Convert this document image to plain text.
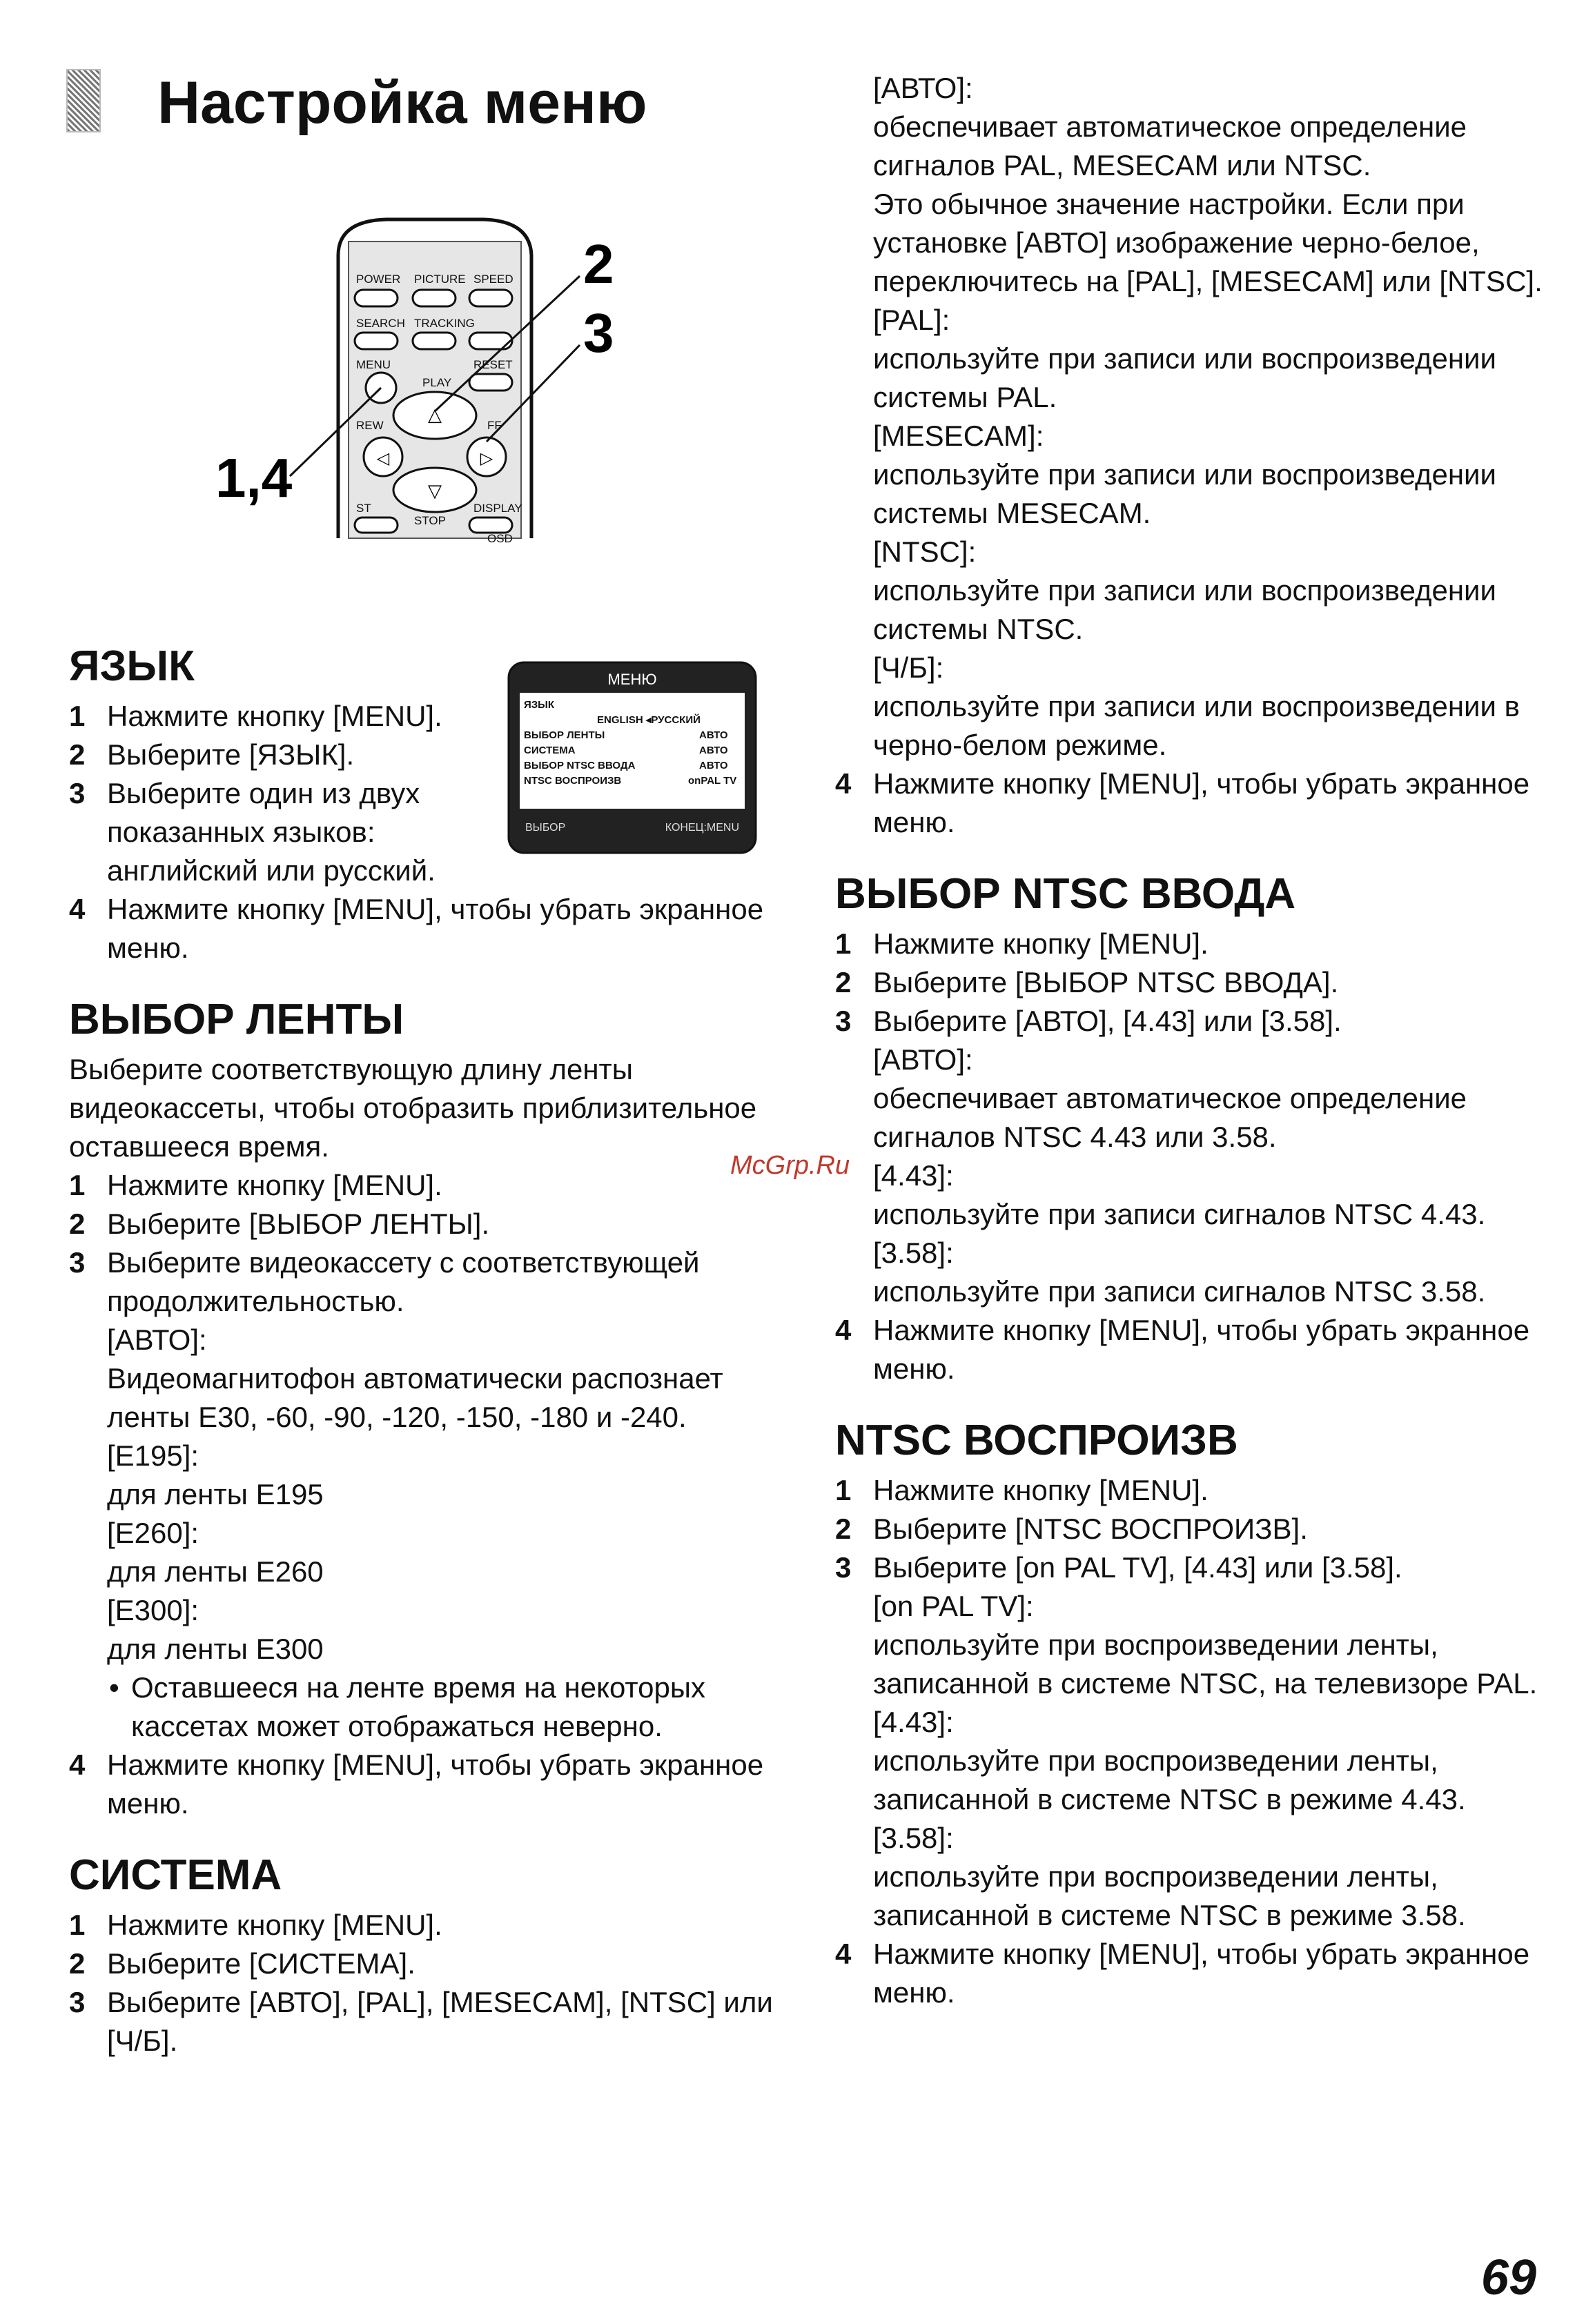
Настройка меню
△
▽
◁	▷
POWER PICTURE SPEED
SEARCH TRACKING
MENU	RESET
PLAY
REW	FF
ST	DISPLAY
STOP
OSD
2
3
1,4
МЕНЮ
ЯЗЫК
ENGLISH ◂РУССКИЙ
ВЫБОР ЛЕНТЫ	АВТО
СИСТЕМА	АВТО
ВЫБОР NTSC ВВОДА	АВТО
NTSC ВОСПРОИЗВ	onPAL TV
ВЫБОР	КОНЕЦ:MENU
ЯЗЫК
1 Нажмите кнопку [MENU].
2 Выберите [ЯЗЫК].
3 Выберите один из двух показанных языков: английский или русский.
4 Нажмите кнопку [MENU], чтобы убрать экранное меню.
ВЫБОР ЛЕНТЫ

Выберите соответствующую длину ленты видеокассеты, чтобы отобразить приблизительное оставшееся время.

1 Нажмите кнопку [MENU].
2 Выберите [ВЫБОР ЛЕНТЫ].
3 Выберите видеокассету с соответствующей продолжительностью.
[АВТО]:
Видеомагнитофон автоматически распознает ленты Е30, -60, -90, -120, -150, -180 и -240.
[Е195]:
для ленты Е195
[Е260]:
для ленты Е260
[Е300]:
для ленты Е300
• Оставшееся на ленте время на некоторых кассетах может отображаться неверно.
4 Нажмите кнопку [MENU], чтобы убрать экранное меню.
СИСТЕМА
1 Нажмите кнопку [MENU].
2 Выберите [СИСТЕМА].
3 Выберите [АВТО], [PAL], [MESECAM], [NTSC] или [Ч/Б].
[АВТО]:
обеспечивает автоматическое определение сигналов PAL, MESECAM или NTSC.
Это обычное значение настройки. Если при установке [АВТО] изображение черно-белое, переключитесь на [PAL], [MESECAM] или [NTSC].
[PAL]:
используйте при записи или воспроизведении системы PAL.
[MESECAM]:
используйте при записи или воспроизведении системы MESECAM.
[NTSC]:
используйте при записи или воспроизведении системы NTSC.
[Ч/Б]:
используйте при записи или воспроизведении в черно-белом режиме.
4 Нажмите кнопку [MENU], чтобы убрать экранное меню.
ВЫБОР NTSC ВВОДА
1 Нажмите кнопку [MENU].
2 Выберите [ВЫБОР NTSC ВВОДА].
3 Выберите [АВТО], [4.43] или [3.58].
[АВТО]:
обеспечивает автоматическое определение сигналов NTSC 4.43 или 3.58.
[4.43]:
используйте при записи сигналов NTSC 4.43.
[3.58]:
используйте при записи сигналов NTSC 3.58.
4 Нажмите кнопку [MENU], чтобы убрать экранное меню.
NTSC ВОСПРОИЗВ
1 Нажмите кнопку [MENU].
2 Выберите [NTSC ВОСПРОИЗВ].
3 Выберите [on PAL TV], [4.43] или [3.58].
[on PAL TV]:
используйте при воспроизведении ленты, записанной в системе NTSC, на телевизоре PAL.
[4.43]:
используйте при воспроизведении ленты, записанной в системе NTSC в режиме 4.43.
[3.58]:
используйте при воспроизведении ленты, записанной в системе NTSC в режиме 3.58.
4 Нажмите кнопку [MENU], чтобы убрать экранное меню.
McGrp.Ru
69
